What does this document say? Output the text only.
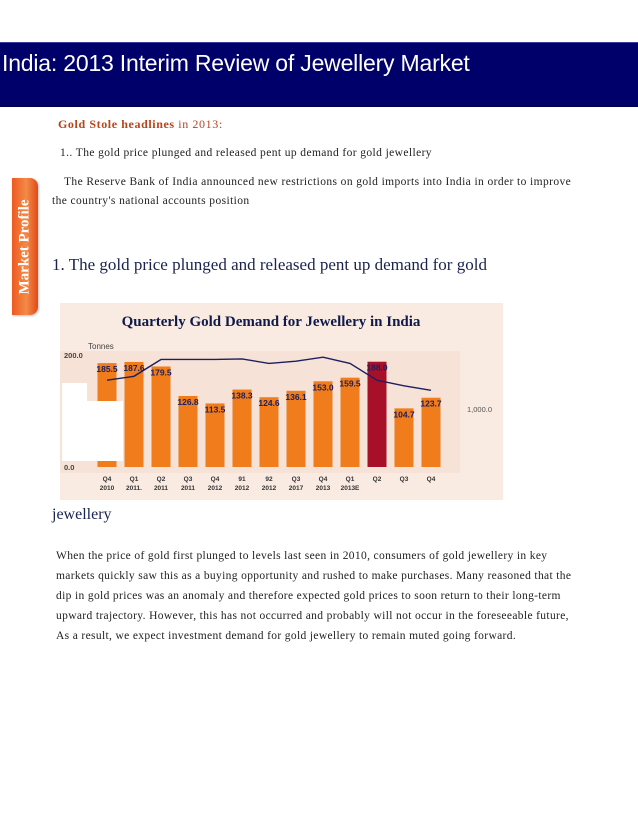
India: 2013 Interim Review of Jewellery Market
Market Profile
Gold Stole headlines in 2013:
1.. The gold price plunged and released pent up demand for gold jewellery
The Reserve Bank of India announced new restrictions on gold imports into India in order to improve
the country's national accounts position
1. The gold price plunged and released pent up demand for gold
Quarterly Gold Demand for Jewellery in India
Tonnes
0.0
200.0
1,000.0
185.5 187.6 179.5
126.8
113.5
138.3
124.6
136.1
153.0 159.5
188.0
104.7
123.7
Q4
2010
Q1
2011.
Q2
2011
Q3
2011
Q4
2012
91
2012
92
2012
Q3
2017
Q4
2013
Q1
2013E
Q2	Q3	Q4
jewellery
When the price of gold first plunged to levels last seen in 2010, consumers of gold jewellery in key
markets quickly saw this as a buying opportunity and rushed to make purchases. Many reasoned that the
dip in gold prices was an anomaly and therefore expected gold prices to soon return to their long-term
upward trajectory. However, this has not occurred and probably will not occur in the foreseeable future,
As a result, we expect investment demand for gold jewellery to remain muted going forward.
